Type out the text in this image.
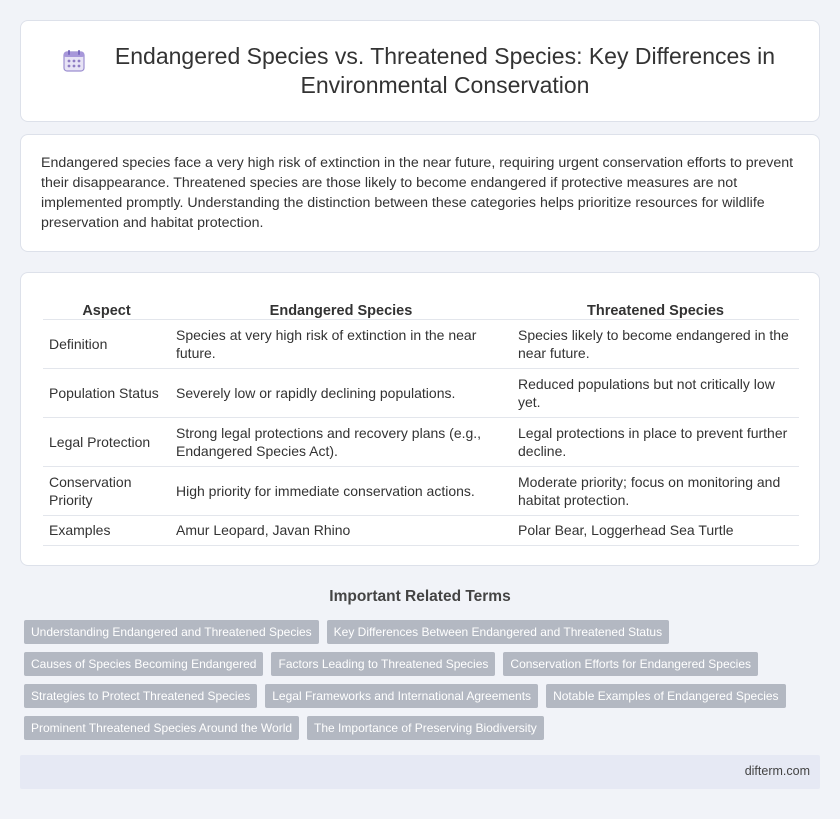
Endangered Species vs. Threatened Species: Key Differences in Environmental Conservation

Endangered species face a very high risk of extinction in the near future, requiring urgent conservation efforts to prevent their disappearance. Threatened species are those likely to become endangered if protective measures are not implemented promptly. Understanding the distinction between these categories helps prioritize resources for wildlife preservation and habitat protection.

Aspect	Endangered Species	Threatened Species
Definition	Species at very high risk of extinction in the near future.	Species likely to become endangered in the near future.
Population Status	Severely low or rapidly declining populations.	Reduced populations but not critically low yet.
Legal Protection	Strong legal protections and recovery plans (e.g., Endangered Species Act).	Legal protections in place to prevent further decline.
Conservation Priority	High priority for immediate conservation actions.	Moderate priority; focus on monitoring and habitat protection.
Examples	Amur Leopard, Javan Rhino	Polar Bear, Loggerhead Sea Turtle
Important Related Terms
Understanding Endangered and Threatened Species	Key Differences Between Endangered and Threatened Status
Causes of Species Becoming Endangered	Factors Leading to Threatened Species	Conservation Efforts for Endangered Species
Strategies to Protect Threatened Species	Legal Frameworks and International Agreements	Notable Examples of Endangered Species
Prominent Threatened Species Around the World	The Importance of Preserving Biodiversity
difterm.com
